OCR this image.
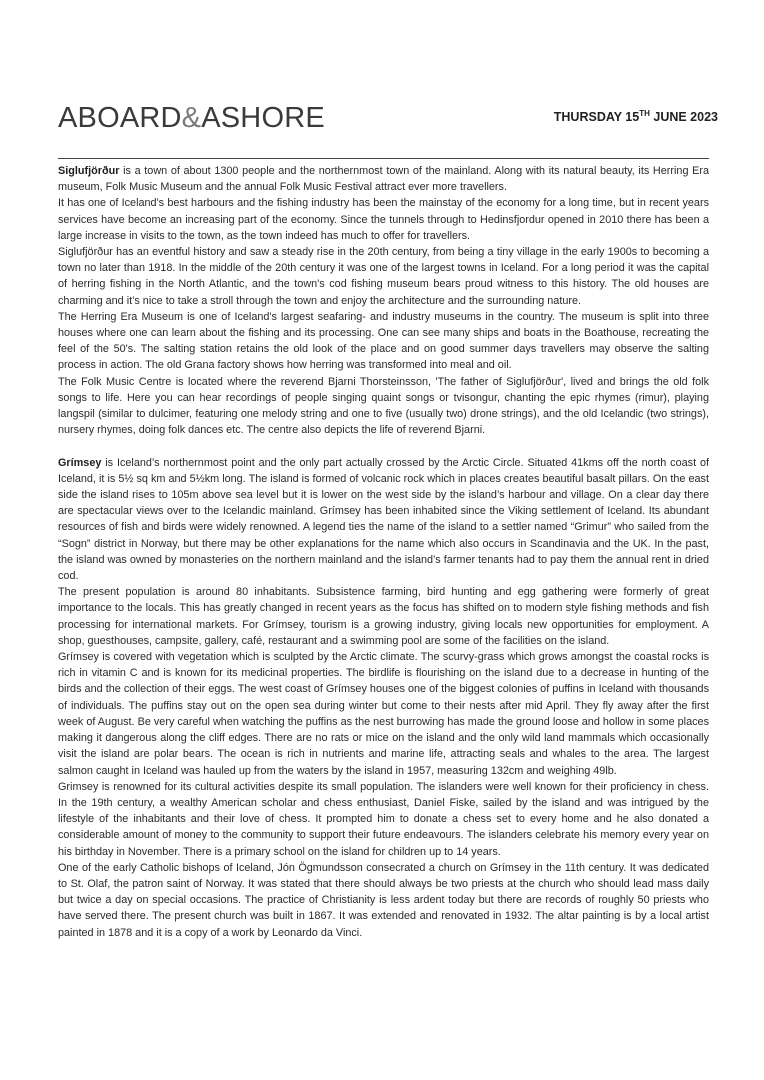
ABOARD&ASHORE	THURSDAY 15TH JUNE 2023

Siglufjörður is a town of about 1300 people and the northernmost town of the mainland. Along with its natural beauty, its Herring Era museum, Folk Music Museum and the annual Folk Music Festival attract ever more travellers.

It has one of Iceland's best harbours and the fishing industry has been the mainstay of the economy for a long time, but in recent years services have become an increasing part of the economy. Since the tunnels through to Hedinsfjordur opened in 2010 there has been a large increase in visits to the town, as the town indeed has much to offer for travellers.

Siglufjörður has an eventful history and saw a steady rise in the 20th century, from being a tiny village in the early 1900s to becoming a town no later than 1918. In the middle of the 20th century it was one of the largest towns in Iceland. For a long period it was the capital of herring fishing in the North Atlantic, and the town's cod fishing museum bears proud witness to this history. The old houses are charming and it’s nice to take a stroll through the town and enjoy the architecture and the surrounding nature.

The Herring Era Museum is one of Iceland's largest seafaring- and industry museums in the country. The museum is split into three houses where one can learn about the fishing and its processing. One can see many ships and boats in the Boathouse, recreating the feel of the 50's. The salting station retains the old look of the place and on good summer days travellers may observe the salting process in action. The old Grana factory shows how herring was transformed into meal and oil.

The Folk Music Centre is located where the reverend Bjarni Thorsteinsson, 'The father of Siglufjörður', lived and brings the old folk songs to life. Here you can hear recordings of people singing quaint songs or tvisongur, chanting the epic rhymes (rimur), playing langspil (similar to dulcimer, featuring one melody string and one to five (usually two) drone strings), and the old Icelandic (two strings), nursery rhymes, doing folk dances etc. The centre also depicts the life of reverend Bjarni.

Grímsey is Iceland’s northernmost point and the only part actually crossed by the Arctic Circle. Situated 41kms off the north coast of Iceland, it is 5½ sq km and 5½km long. The island is formed of volcanic rock which in places creates beautiful basalt pillars. On the east side the island rises to 105m above sea level but it is lower on the west side by the island’s harbour and village. On a clear day there are spectacular views over to the Icelandic mainland. Grímsey has been inhabited since the Viking settlement of Iceland. Its abundant resources of fish and birds were widely renowned. A legend ties the name of the island to a settler named “Grimur” who sailed from the “Sogn” district in Norway, but there may be other explanations for the name which also occurs in Scandinavia and the UK. In the past, the island was owned by monasteries on the northern mainland and the island’s farmer tenants had to pay them the annual rent in dried cod.

The present population is around 80 inhabitants. Subsistence farming, bird hunting and egg gathering were formerly of great importance to the locals. This has greatly changed in recent years as the focus has shifted on to modern style fishing methods and fish processing for international markets. For Grímsey, tourism is a growing industry, giving locals new opportunities for employment. A shop, guesthouses, campsite, gallery, café, restaurant and a swimming pool are some of the facilities on the island.

Grímsey is covered with vegetation which is sculpted by the Arctic climate. The scurvy-grass which grows amongst the coastal rocks is rich in vitamin C and is known for its medicinal properties. The birdlife is flourishing on the island due to a decrease in hunting of the birds and the collection of their eggs. The west coast of Grímsey houses one of the biggest colonies of puffins in Iceland with thousands of individuals. The puffins stay out on the open sea during winter but come to their nests after mid April. They fly away after the first week of August. Be very careful when watching the puffins as the nest burrowing has made the ground loose and hollow in some places making it dangerous along the cliff edges. There are no rats or mice on the island and the only wild land mammals which occasionally visit the island are polar bears. The ocean is rich in nutrients and marine life, attracting seals and whales to the area. The largest salmon caught in Iceland was hauled up from the waters by the island in 1957, measuring 132cm and weighing 49lb.

Grimsey is renowned for its cultural activities despite its small population. The islanders were well known for their proficiency in chess. In the 19th century, a wealthy American scholar and chess enthusiast, Daniel Fiske, sailed by the island and was intrigued by the lifestyle of the inhabitants and their love of chess. It prompted him to donate a chess set to every home and he also donated a considerable amount of money to the community to support their future endeavours. The islanders celebrate his memory every year on his birthday in November. There is a primary school on the island for children up to 14 years.

One of the early Catholic bishops of Iceland, Jón Ögmundsson consecrated a church on Grímsey in the 11th century. It was dedicated to St. Olaf, the patron saint of Norway. It was stated that there should always be two priests at the church who should lead mass daily but twice a day on special occasions. The practice of Christianity is less ardent today but there are records of roughly 50 priests who have served there. The present church was built in 1867. It was extended and renovated in 1932. The altar painting is by a local artist painted in 1878 and it is a copy of a work by Leonardo da Vinci.
